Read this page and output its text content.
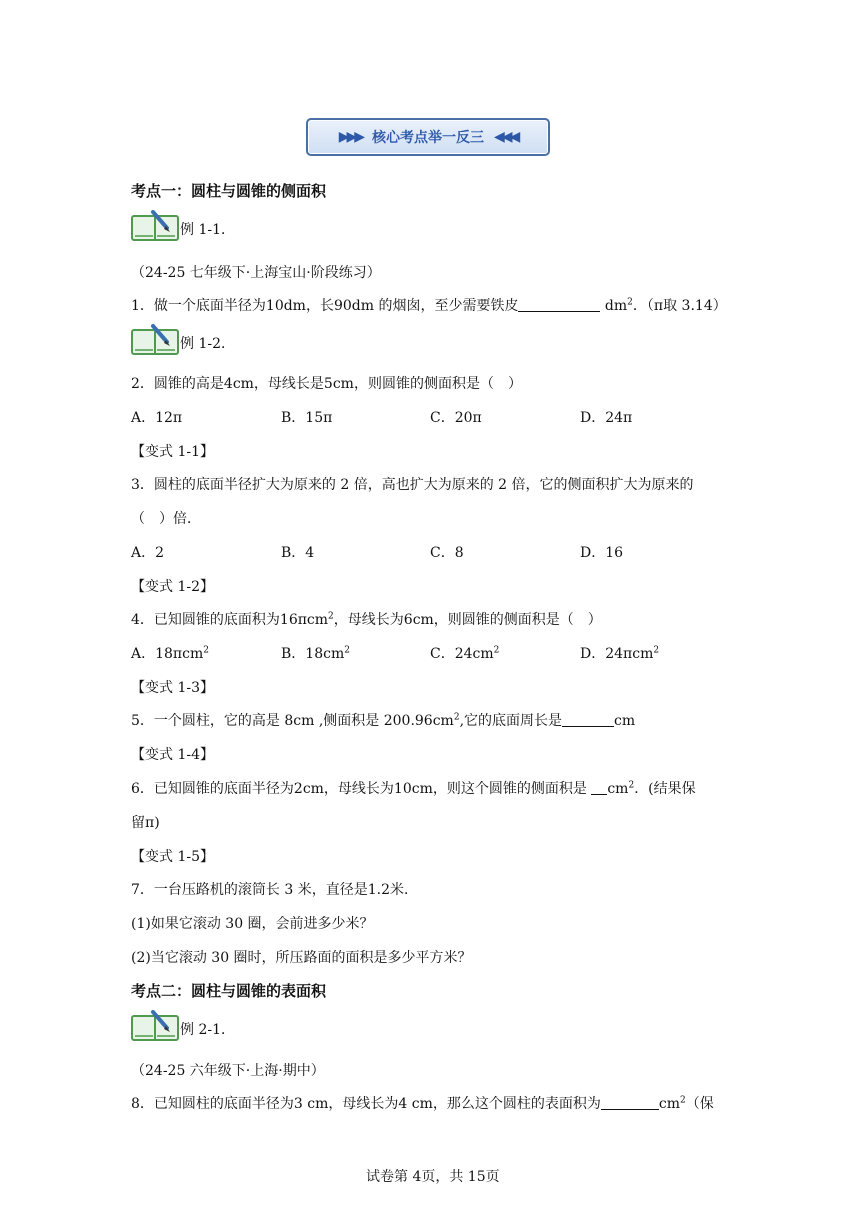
▶▶▶ 核心考点举一反三 ◀◀◀
考点一：圆柱与圆锥的侧面积
例 1-1．
（24-25 七年级下·上海宝山·阶段练习）
1．做一个底面半径为10dm，长90dm 的烟囱，至少需要铁皮	$dm^2$．（π取 3.14）
例 1-2．
2．圆锥的高是4cm，母线长是5cm，则圆锥的侧面积是（　）
A．12π	B．15π	C．20π	D．24π
【变式 1-1】
3．圆柱的底面半径扩大为原来的 2 倍，高也扩大为原来的 2 倍，它的侧面积扩大为原来的
（　）倍．
A．2	B．4	C．8	D．16
【变式 1-2】
4．已知圆锥的底面积为16πcm$^2$，母线长为6cm，则圆锥的侧面积是（　）
A．18πcm$^2$	B．$18cm^2$	C．$24cm^2$	D．24πcm$^2$
【变式 1-3】
5．一个圆柱，它的高是 8cm ,侧面积是 $200.96cm^2$,它的底面周长是	cm
【变式 1-4】
6．已知圆锥的底面半径为2cm，母线长为10cm，则这个圆锥的侧面积是 $cm^2$．(结果保
留π)
【变式 1-5】
7．一台压路机的滚筒长 3 米，直径是1.2米．
(1)如果它滚动 30 圈，会前进多少米？
(2)当它滚动 30 圈时，所压路面的面积是多少平方米？
考点二：圆柱与圆锥的表面积
例 2-1．
（24-25 六年级下·上海·期中）
8．已知圆柱的底面半径为3 cm，母线长为4 cm，那么这个圆柱的表面积为	$cm^2$（保
试卷第 4页，共 15页
